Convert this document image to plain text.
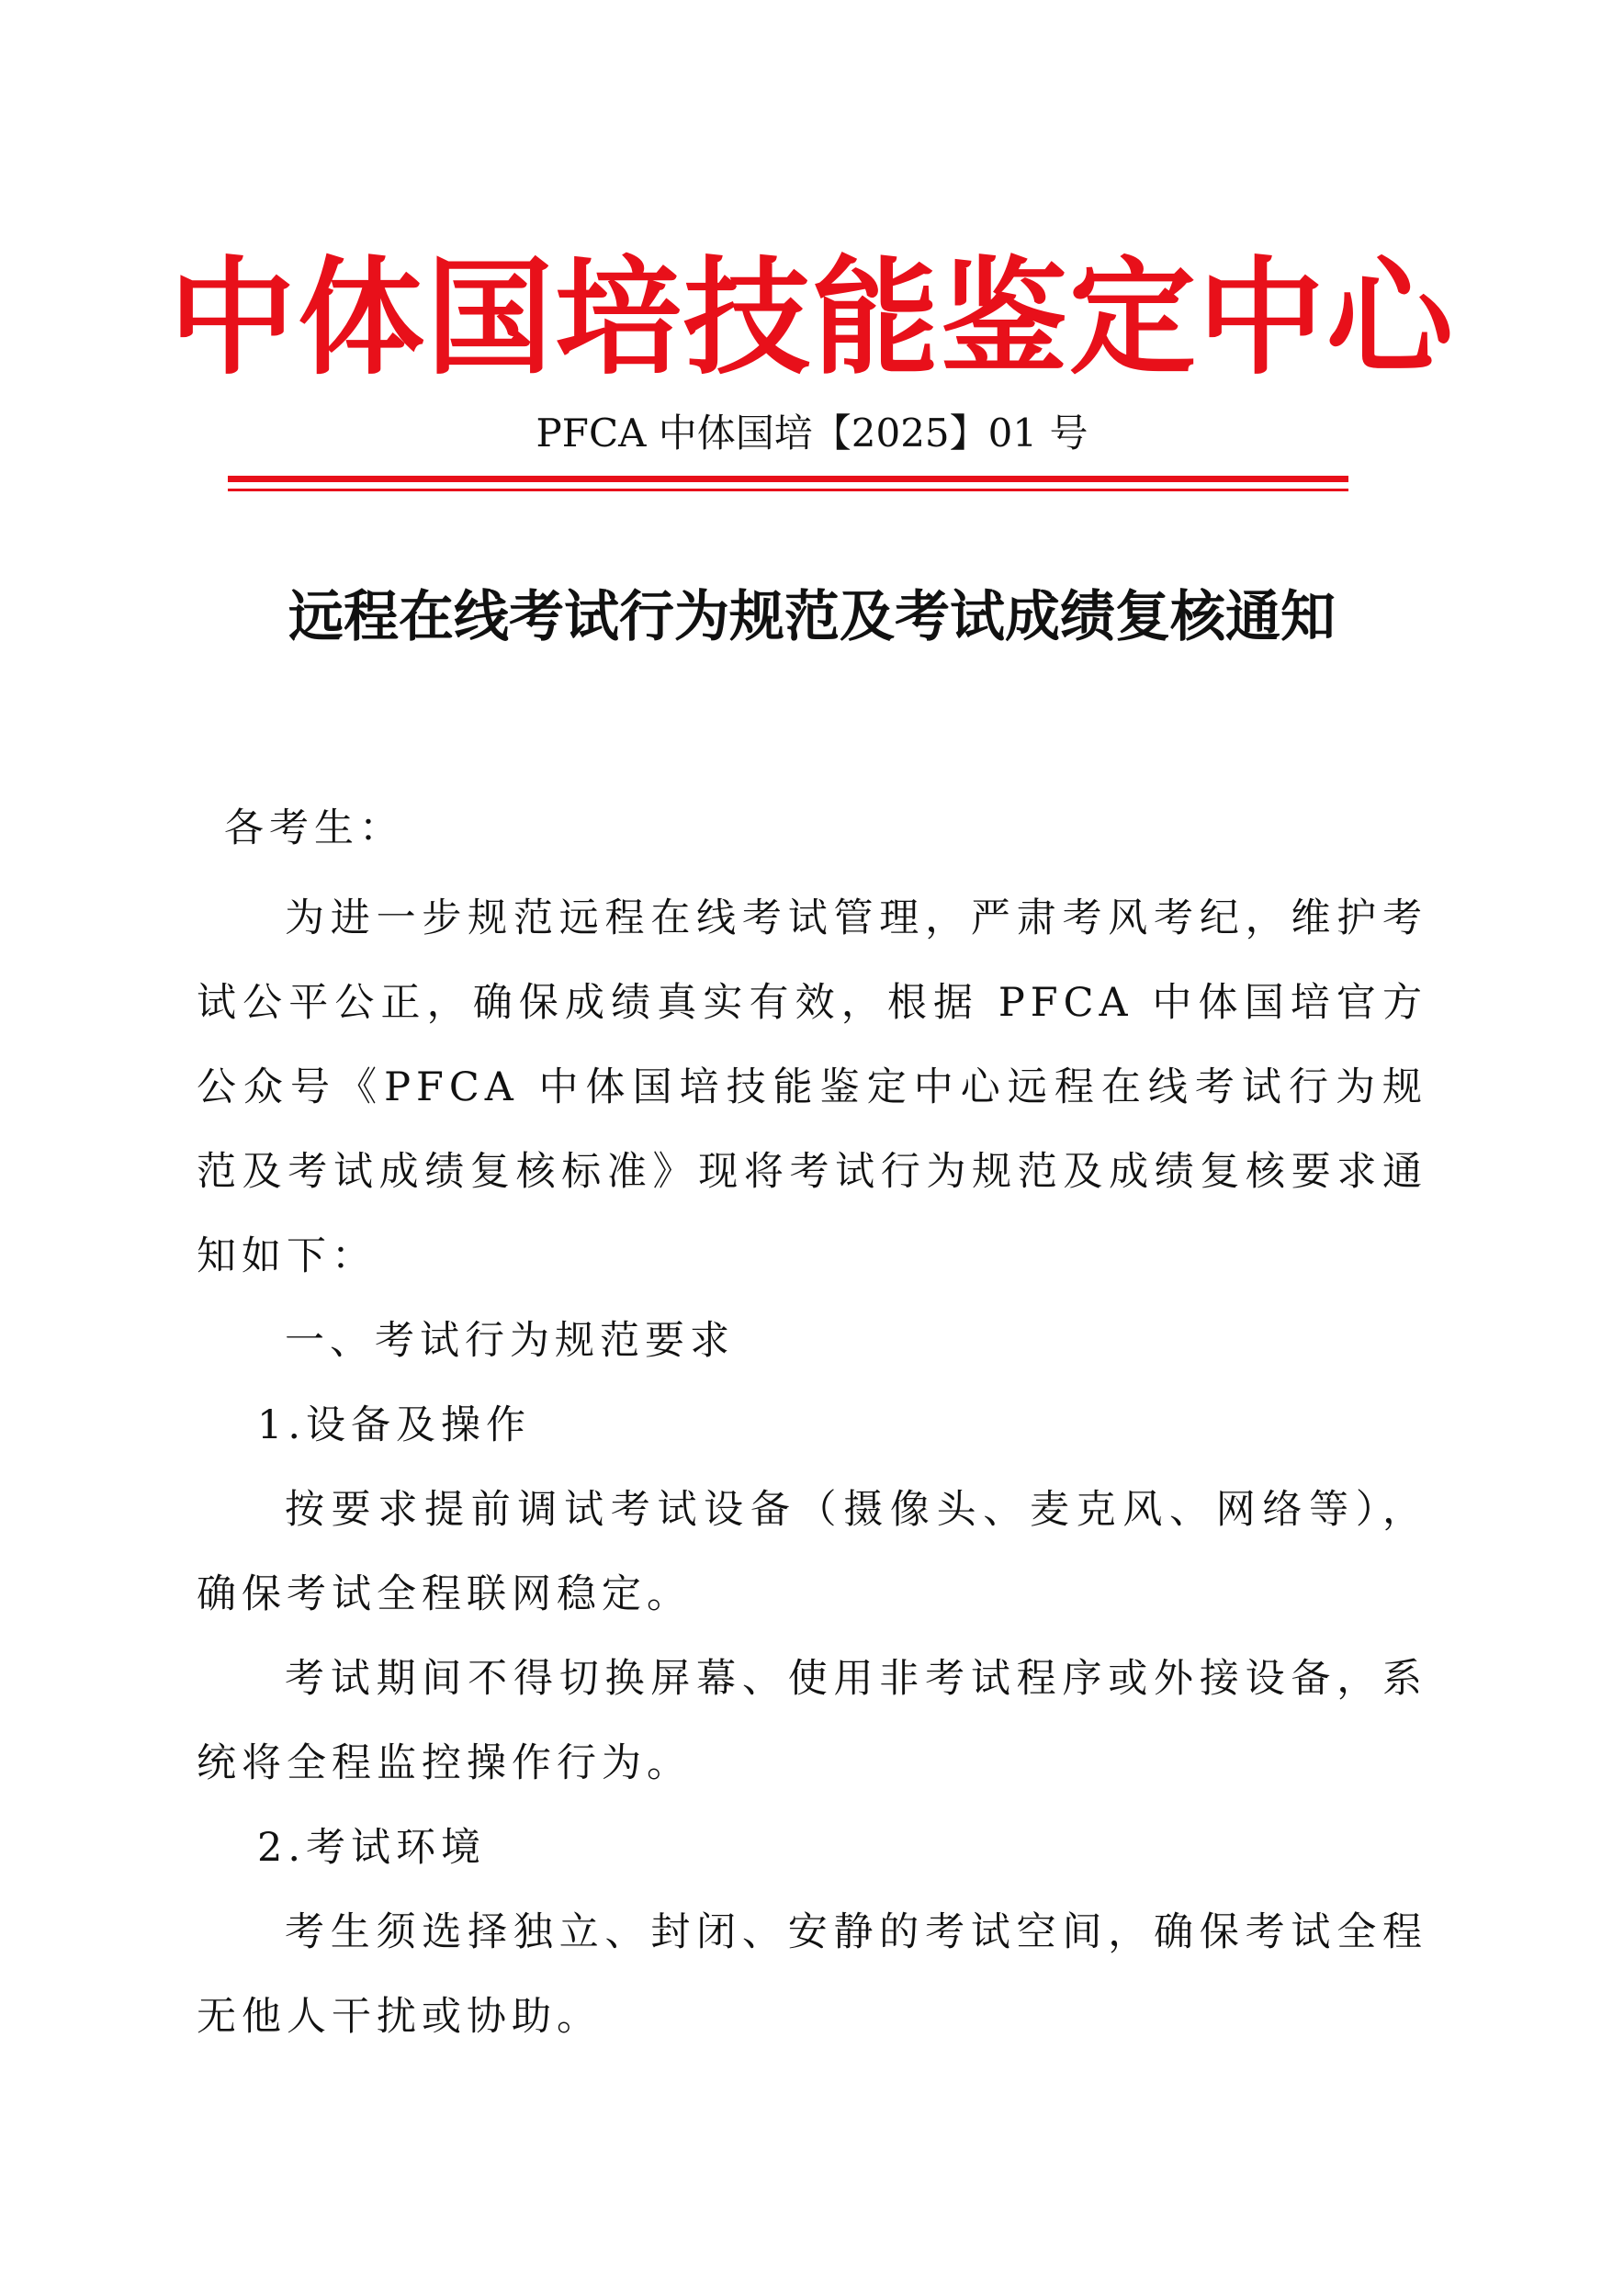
中体国培技能鉴定中心
PFCA 中体国培【2025】01 号
远程在线考试行为规范及考试成绩复核通知

各考生：

为进一步规范远程在线考试管理，严肃考风考纪，维护考试公平公正，确保成绩真实有效，根据 PFCA 中体国培官方公众号《PFCA 中体国培技能鉴定中心远程在线考试行为规范及考试成绩复核标准》现将考试行为规范及成绩复核要求通知如下：

一、考试行为规范要求

1.设备及操作

按要求提前调试考试设备（摄像头、麦克风、网络等），确保考试全程联网稳定。

考试期间不得切换屏幕、使用非考试程序或外接设备，系统将全程监控操作行为。

2.考试环境

考生须选择独立、封闭、安静的考试空间，确保考试全程无他人干扰或协助。
